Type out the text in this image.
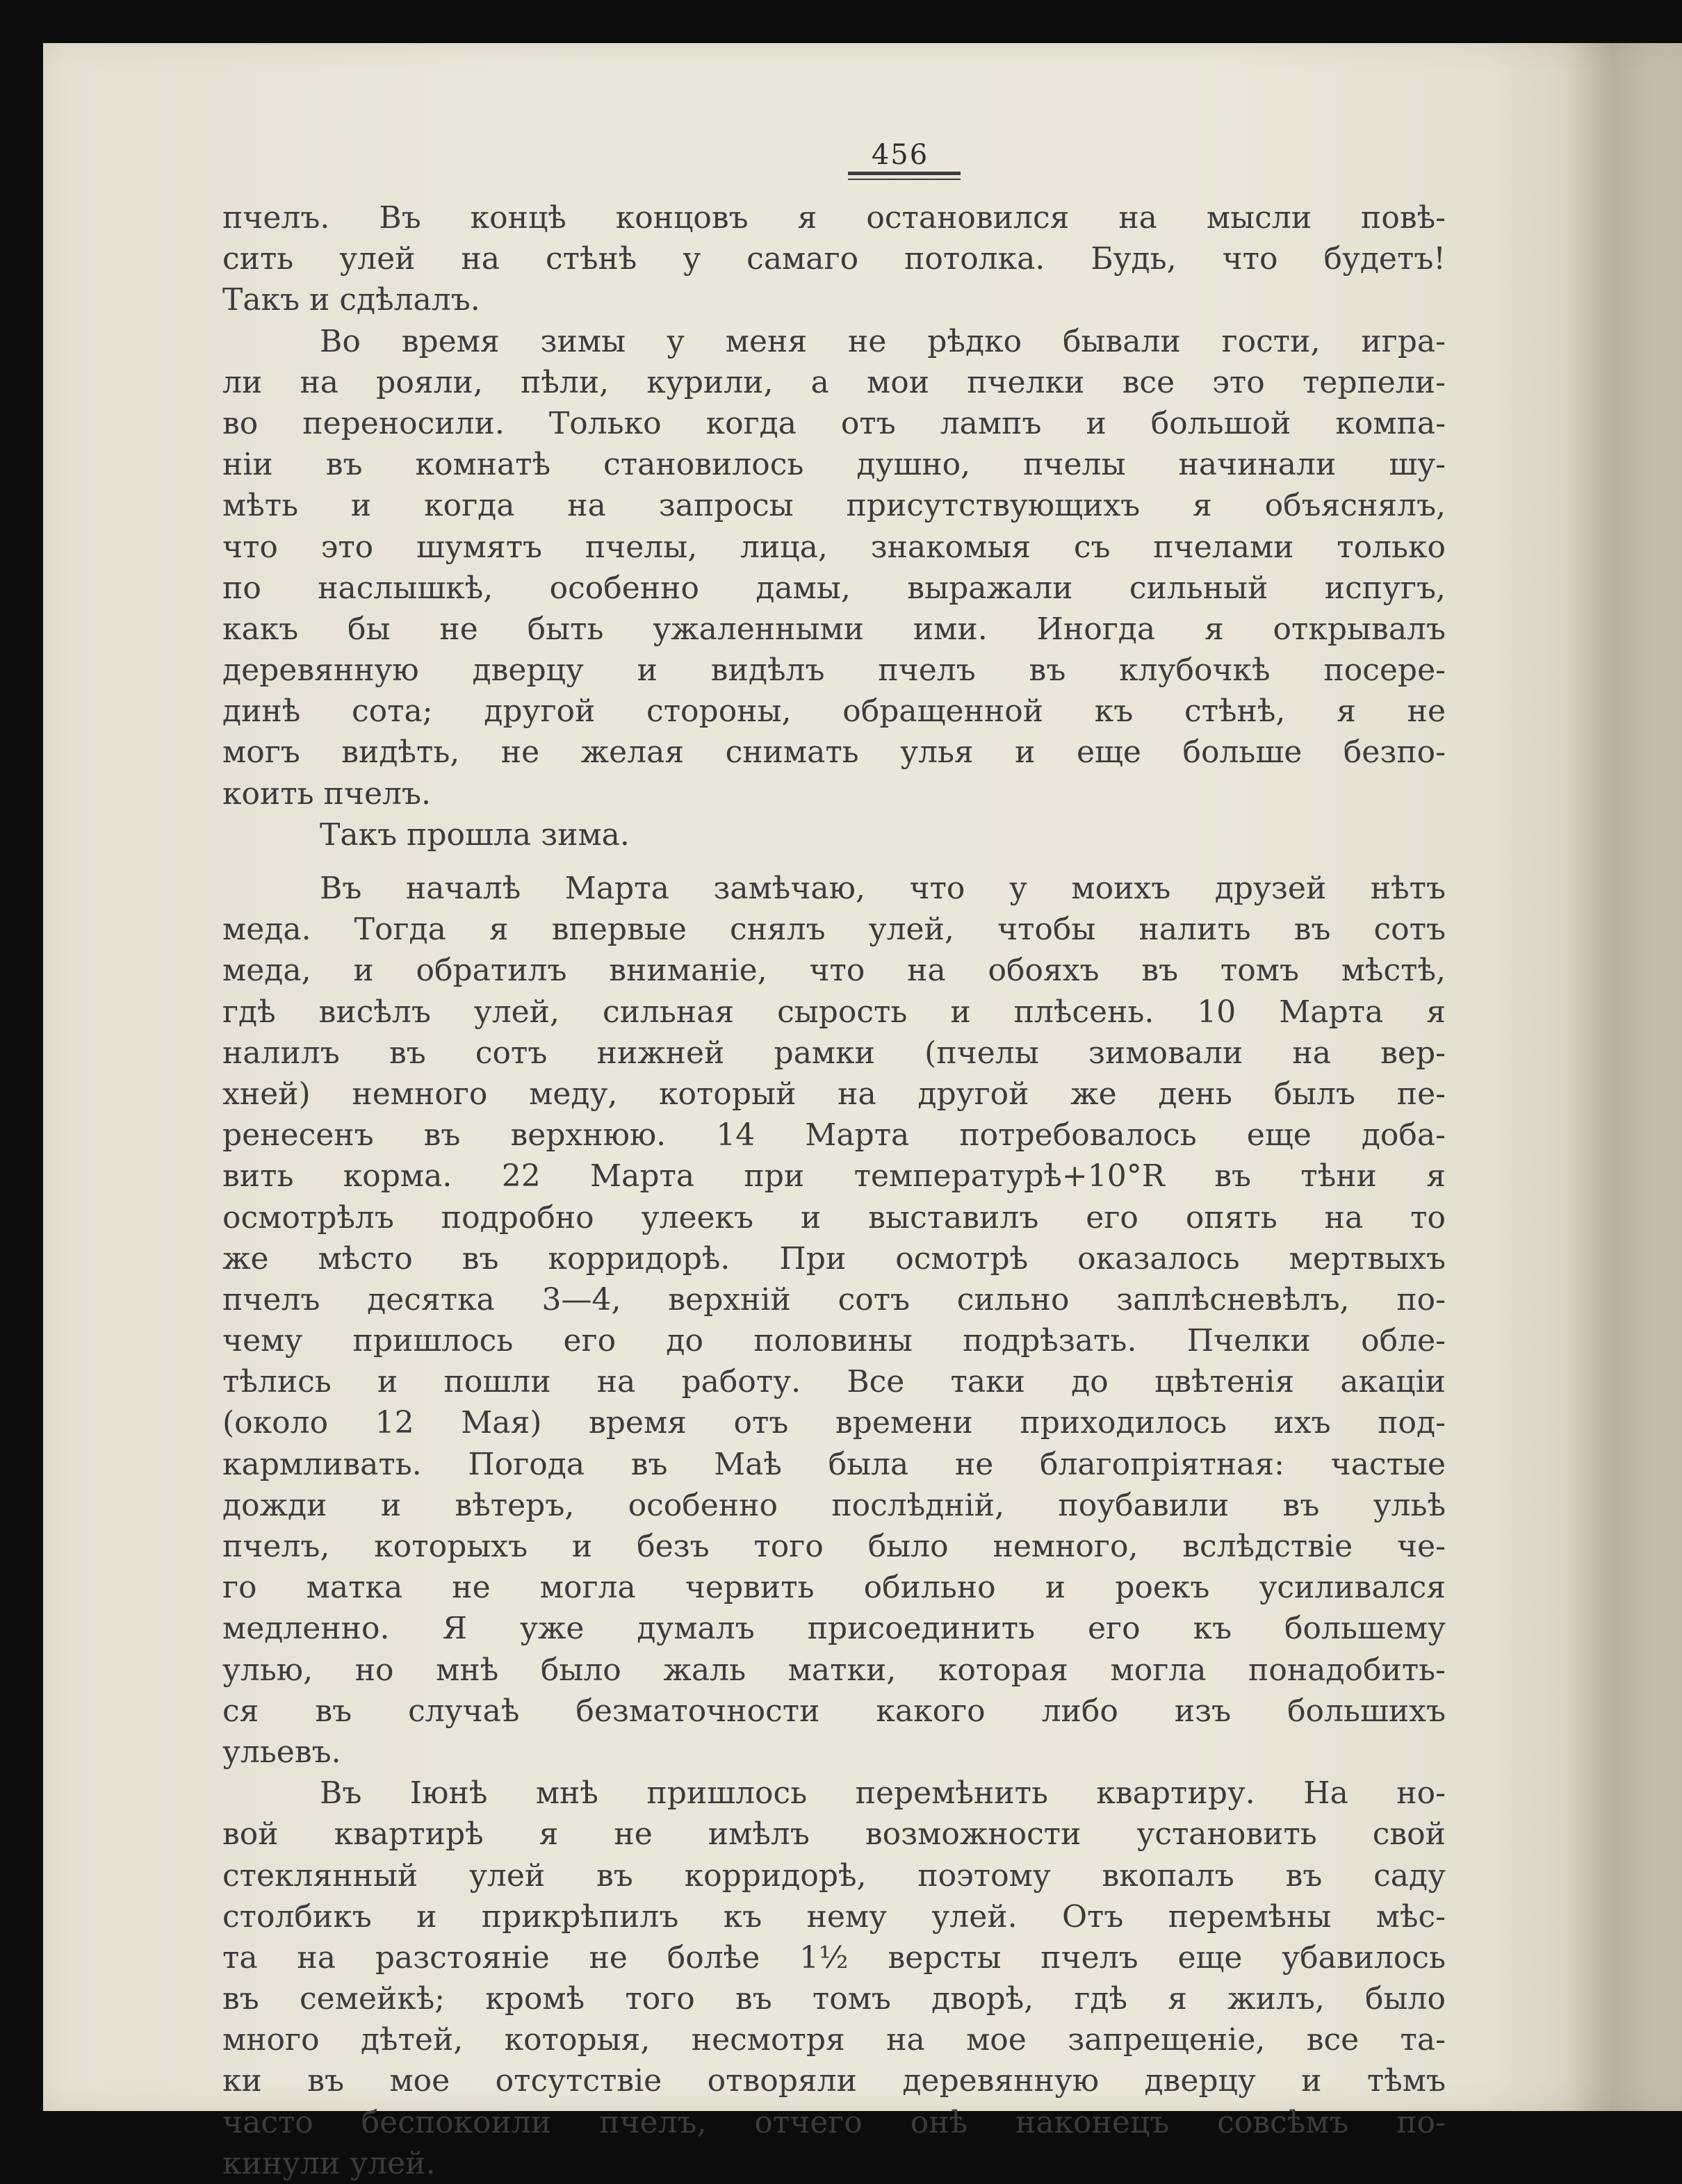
456
пчелъ. Въ концѣ концовъ я остановился на мысли повѣ-
сить улей на стѣнѣ у самаго потолка. Будь, что будетъ!
Такъ и сдѣлалъ.
Во время зимы у меня не рѣдко бывали гости, игра-
ли на рояли, пѣли, курили, а мои пчелки все это терпели-
во переносили. Только когда отъ лампъ и большой компа-
ніи въ комнатѣ становилось душно, пчелы начинали шу-
мѣть и когда на запросы присутствующихъ я объяснялъ,
что это шумятъ пчелы, лица, знакомыя съ пчелами только
по наслышкѣ, особенно дамы, выражали сильный испугъ,
какъ бы не быть ужаленными ими. Иногда я открывалъ
деревянную дверцу и видѣлъ пчелъ въ клубочкѣ посере-
динѣ сота; другой стороны, обращенной къ стѣнѣ, я не
могъ видѣть, не желая снимать улья и еще больше безпо-
коить пчелъ.
Такъ прошла зима.
Въ началѣ Марта замѣчаю, что у моихъ друзей нѣтъ
меда. Тогда я впервые снялъ улей, чтобы налить въ сотъ
меда, и обратилъ вниманіе, что на обояхъ въ томъ мѣстѣ,
гдѣ висѣлъ улей, сильная сырость и плѣсень. 10 Марта я
налилъ въ сотъ нижней рамки (пчелы зимовали на вер-
хней) немного меду, который на другой же день былъ пе-
ренесенъ въ верхнюю. 14 Марта потребовалось еще доба-
вить корма. 22 Марта при температурѣ+10°R въ тѣни я
осмотрѣлъ подробно улеекъ и выставилъ его опять на то
же мѣсто въ корридорѣ. При осмотрѣ оказалось мертвыхъ
пчелъ десятка 3—4, верхній сотъ сильно заплѣсневѣлъ, по-
чему пришлось его до половины подрѣзать. Пчелки обле-
тѣлись и пошли на работу. Все таки до цвѣтенія акаціи
(около 12 Мая) время отъ времени приходилось ихъ под-
кармливать. Погода въ Маѣ была не благопріятная: частые
дожди и вѣтеръ, особенно послѣдній, поубавили въ ульѣ
пчелъ, которыхъ и безъ того было немного, вслѣдствіе че-
го матка не могла червить обильно и роекъ усиливался
медленно. Я уже думалъ присоединить его къ большему
улью, но мнѣ было жаль матки, которая могла понадобить-
ся въ случаѣ безматочности какого либо изъ большихъ
ульевъ.
Въ Іюнѣ мнѣ пришлось перемѣнить квартиру. На но-
вой квартирѣ я не имѣлъ возможности установить свой
стеклянный улей въ корридорѣ, поэтому вкопалъ въ саду
столбикъ и прикрѣпилъ къ нему улей. Отъ перемѣны мѣс-
та на разстояніе не болѣе 1½ версты пчелъ еще убавилось
въ семейкѣ; кромѣ того въ томъ дворѣ, гдѣ я жилъ, было
много дѣтей, которыя, несмотря на мое запрещеніе, все та-
ки въ мое отсутствіе отворяли деревянную дверцу и тѣмъ
часто беспокоили пчелъ, отчего онѣ наконецъ совсѣмъ по-
кинули улей.
